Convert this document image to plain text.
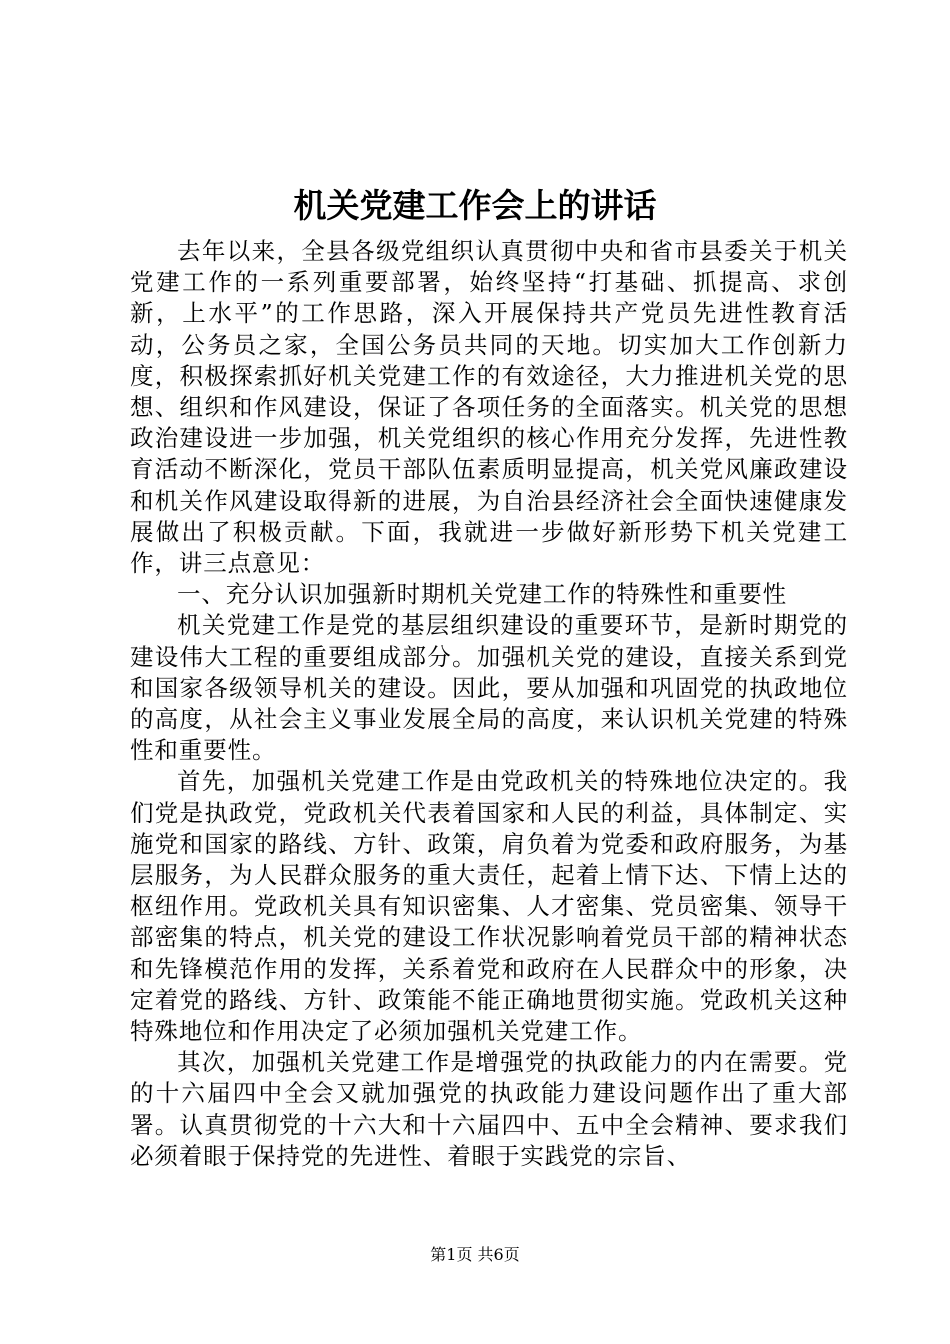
机关党建工作会上的讲话

去年以来，全县各级党组织认真贯彻中央和省市县委关于机关党建工作的一系列重要部署，始终坚持“打基础、抓提高、求创新，上水平”的工作思路，深入开展保持共产党员先进性教育活动，公务员之家，全国公务员共同的天地。切实加大工作创新力度，积极探索抓好机关党建工作的有效途径，大力推进机关党的思想、组织和作风建设，保证了各项任务的全面落实。机关党的思想政治建设进一步加强，机关党组织的核心作用充分发挥，先进性教育活动不断深化，党员干部队伍素质明显提高，机关党风廉政建设和机关作风建设取得新的进展，为自治县经济社会全面快速健康发展做出了积极贡献。下面，我就进一步做好新形势下机关党建工作，讲三点意见：

一、充分认识加强新时期机关党建工作的特殊性和重要性

机关党建工作是党的基层组织建设的重要环节，是新时期党的建设伟大工程的重要组成部分。加强机关党的建设，直接关系到党和国家各级领导机关的建设。因此，要从加强和巩固党的执政地位的高度，从社会主义事业发展全局的高度，来认识机关党建的特殊性和重要性。

首先，加强机关党建工作是由党政机关的特殊地位决定的。我们党是执政党，党政机关代表着国家和人民的利益，具体制定、实施党和国家的路线、方针、政策，肩负着为党委和政府服务，为基层服务，为人民群众服务的重大责任，起着上情下达、下情上达的枢纽作用。党政机关具有知识密集、人才密集、党员密集、领导干部密集的特点，机关党的建设工作状况影响着党员干部的精神状态和先锋模范作用的发挥，关系着党和政府在人民群众中的形象，决定着党的路线、方针、政策能不能正确地贯彻实施。党政机关这种特殊地位和作用决定了必须加强机关党建工作。

其次，加强机关党建工作是增强党的执政能力的内在需要。党的十六届四中全会又就加强党的执政能力建设问题作出了重大部署。认真贯彻党的十六大和十六届四中、五中全会精神、要求我们必须着眼于保持党的先进性、着眼于实践党的宗旨、

第1页 共6页
